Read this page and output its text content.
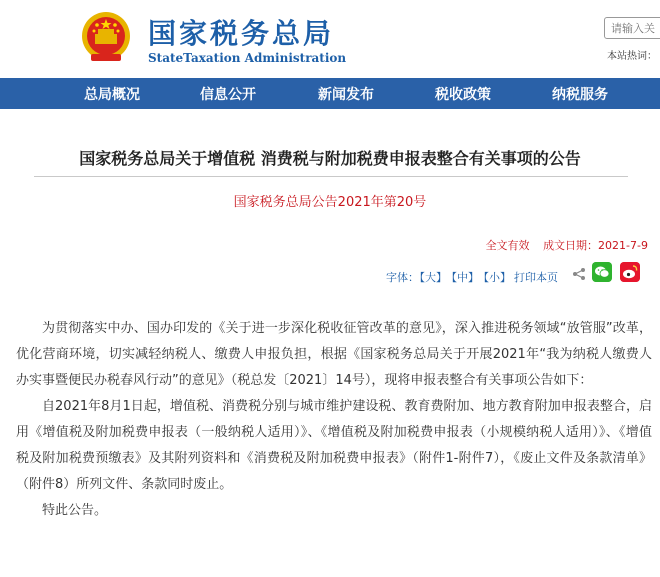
国家税务总局
StateTaxation Administration
请输入关	本站热词：
总局概况	信息公开	新闻发布	税收政策	纳税服务
国家税务总局关于增值税 消费税与附加税费申报表整合有关事项的公告
国家税务总局公告2021年第20号
全文有效 成文日期：2021-7-9
字体：
【大】 【中】 【小】 打印本页

为贯彻落实中办、国办印发的《关于进一步深化税收征管改革的意见》，深入推进税务领域“放管服”改革，优化营商环境，切实减轻纳税人、缴费人申报负担，根据《国家税务总局关于开展2021年“我为纳税人缴费人办实事暨便民办税春风行动”的意见》（税总发〔2021〕14号），现将申报表整合有关事项公告如下：

自2021年8月1日起，增值税、消费税分别与城市维护建设税、教育费附加、地方教育附加申报表整合，启用《增值税及附加税费申报表（一般纳税人适用）》、《增值税及附加税费申报表（小规模纳税人适用）》、《增值税及附加税费预缴表》及其附列资料和《消费税及附加税费申报表》（附件1-附件7），《废止文件及条款清单》（附件8）所列文件、条款同时废止。

特此公告。
